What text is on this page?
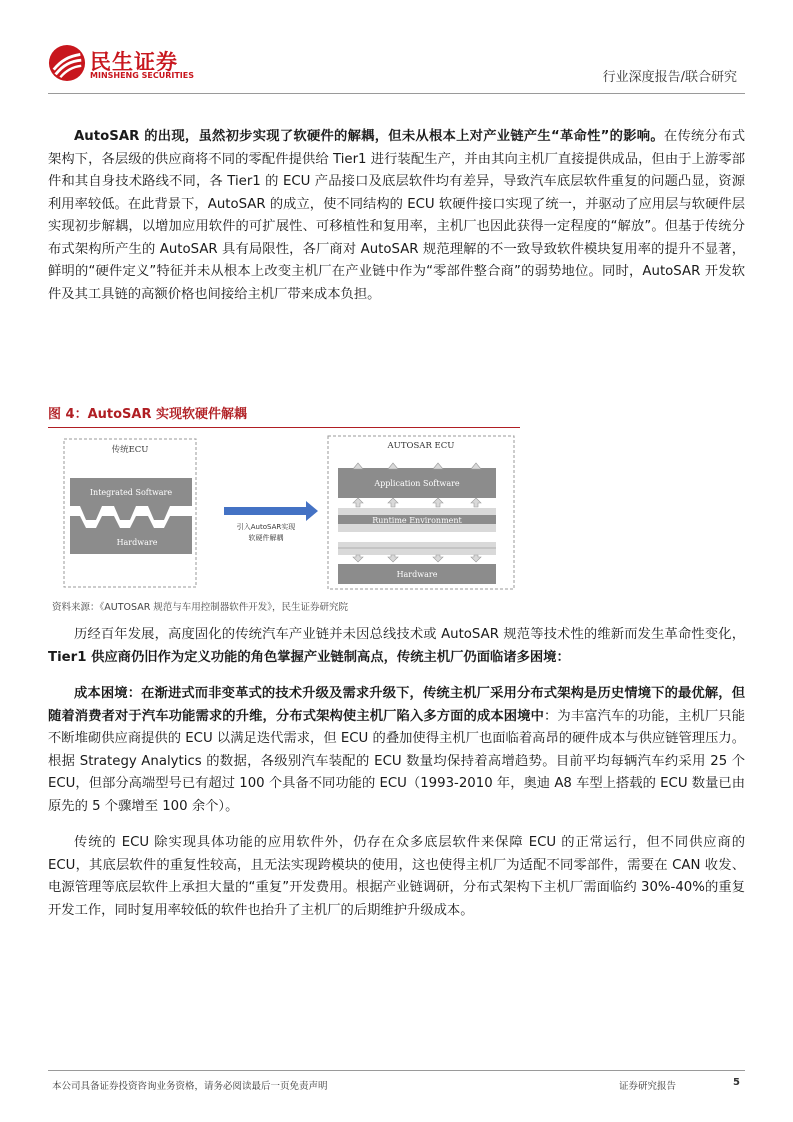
民生证券
MINSHENG SECURITIES	行业深度报告/联合研究

AutoSAR 的出现，虽然初步实现了软硬件的解耦，但未从根本上对产业链产生“革命性”的影响。在传统分布式架构下，各层级的供应商将不同的零配件提供给 Tier1 进行装配生产，并由其向主机厂直接提供成品，但由于上游零部件和其自身技术路线不同，各 Tier1 的 ECU 产品接口及底层软件均有差异，导致汽车底层软件重复的问题凸显，资源利用率较低。在此背景下，AutoSAR 的成立，使不同结构的 ECU 软硬件接口实现了统一，并驱动了应用层与软硬件层实现初步解耦，以增加应用软件的可扩展性、可移植性和复用率，主机厂也因此获得一定程度的“解放”。但基于传统分布式架构所产生的 AutoSAR 具有局限性，各厂商对 AutoSAR 规范理解的不一致导致软件模块复用率的提升不显著，鲜明的“硬件定义”特征并未从根本上改变主机厂在产业链中作为“零部件整合商”的弱势地位。同时，AutoSAR 开发软件及其工具链的高额价格也间接给主机厂带来成本负担。

图 4：AutoSAR 实现软硬件解耦
传统ECU
Integrated Software
Hardware
引入AutoSAR实现
软硬件解耦
AUTOSAR ECU
Application Software
Runtime Environment
Hardware
资料来源：《AUTOSAR 规范与车用控制器软件开发》，民生证券研究院

历经百年发展，高度固化的传统汽车产业链并未因总线技术或 AutoSAR 规范等技术性的维新而发生革命性变化，Tier1 供应商仍旧作为定义功能的角色掌握产业链制高点，传统主机厂仍面临诸多困境：

成本困境：在渐进式而非变革式的技术升级及需求升级下，传统主机厂采用分布式架构是历史情境下的最优解，但随着消费者对于汽车功能需求的升维，分布式架构使主机厂陷入多方面的成本困境中：为丰富汽车的功能，主机厂只能不断堆砌供应商提供的 ECU 以满足迭代需求，但 ECU 的叠加使得主机厂也面临着高昂的硬件成本与供应链管理压力。根据 Strategy Analytics 的数据，各级别汽车装配的 ECU 数量均保持着高增趋势。目前平均每辆汽车约采用 25 个 ECU，但部分高端型号已有超过 100 个具备不同功能的 ECU（1993-2010 年，奥迪 A8 车型上搭载的 ECU 数量已由原先的 5 个骤增至 100 余个）。

传统的 ECU 除实现具体功能的应用软件外，仍存在众多底层软件来保障 ECU 的正常运行，但不同供应商的 ECU，其底层软件的重复性较高，且无法实现跨模块的使用，这也使得主机厂为适配不同零部件，需要在 CAN 收发、电源管理等底层软件上承担大量的“重复”开发费用。根据产业链调研，分布式架构下主机厂需面临约 30%-40%的重复开发工作，同时复用率较低的软件也抬升了主机厂的后期维护升级成本。

本公司具备证券投资咨询业务资格，请务必阅读最后一页免责声明	证券研究报告	5
